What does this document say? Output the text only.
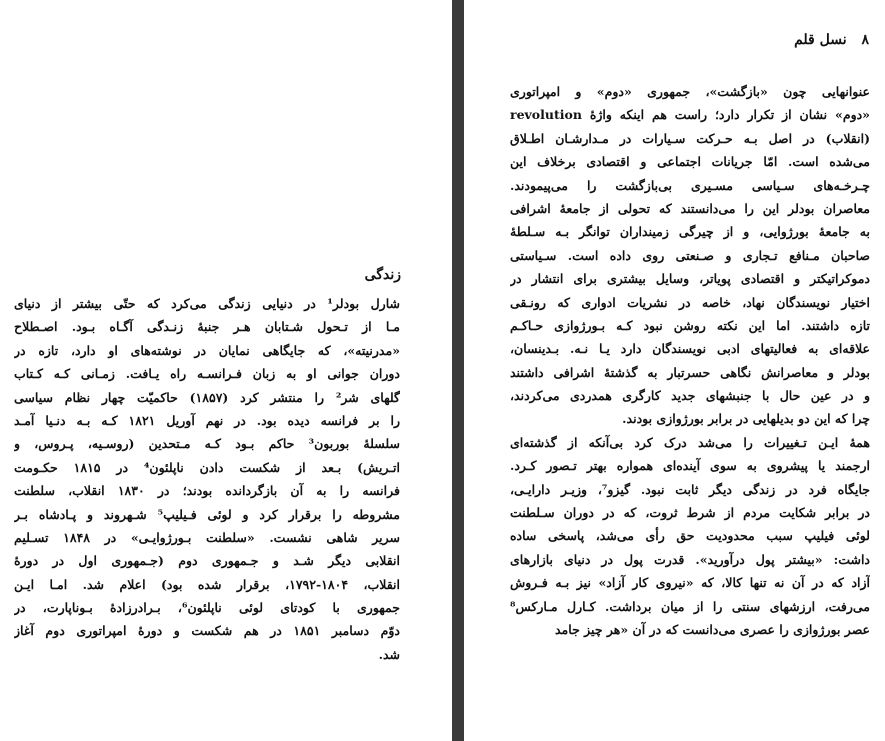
زندگی
شارل بودلر¹ در دنیایی زندگی می‌کرد که حتّی بیشتر از دنیای
مـا از تـحول شـتابان هـر جنبهٔ زنـدگی آگـاه بـود. اصـطلاح
«مدرنیته»، که جایگاهی نمایان در نوشته‌های او دارد، تازه در
دوران جوانی او به زبان فـرانسـه راه یـافت. زمـانی کـه کـتاب
گلهای شر² را منتشر کرد (۱۸۵۷) حاکمیّت چهار نظام سیاسی
را بر فرانسه دیده بود. در نهم آوریل ۱۸۲۱ کـه بـه دنـیا آمـد
سلسلهٔ بوربون³ حاکم بـود کـه مـتحدین (روسـیه، پـروس، و
اتـریش) بـعد از شکست دادن ناپلئون⁴ در ۱۸۱۵ حکـومت
فرانسه را به آن بازگردانده بودند؛ در ۱۸۳۰ انقلاب، سلطنت
مشروطه را برقرار کرد و لوئی فـیلیپ⁵ شـهروند و پـادشاه بـر
سریر شاهی نشست. «سلطنت بـورژوایـی» در ۱۸۴۸ تسـلیم
انقلابی دیگر شـد و جـمهوری دوم (جـمهوری اول در دورهٔ
انقلاب، ۱۸۰۴-۱۷۹۲، برقرار شده بود) اعلام شد. امـا ایـن
جمهوری با کودتای لوئی ناپلئون⁶، بـرادرزادهٔ بـوناپارت، در
دوّم دسامبر ۱۸۵۱ در هم شکست و دورهٔ امپراتوری دوم آغاز
شد.
۸ نسل قلم
عنوانهایی چون «بازگشت»، جمهوری «دوم» و امپراتوری
«دوم» نشان از تکرار دارد؛ راست هم اینکه واژهٔ revolution
(انقلاب) در اصل بـه حـرکت سـیارات در مـدارشـان اطـلاق
می‌شده است. امّا جریانات اجتماعی و اقتصادی برخلاف این
چـرخـه‌های سـیاسی مسـیری بی‌بازگشت را می‌پیمودند.
معاصران بودلر این را می‌دانستند که تحولی از جامعهٔ اشرافی
به جامعهٔ بورژوایی، و از چیرگی زمینداران توانگر بـه سـلطهٔ
صاحبان مـنافع تـجاری و صـنعتی روی داده است. سـیاستی
دموکراتیکتر و اقتصادی پویاتر، وسایل بیشتری برای انتشار در
اختیار نویسندگان نهاد، خاصه در نشریات ادواری که رونـقی
تازه داشتند. اما این نکته روشن نبود کـه بـورژوازی حـاکـم
علاقه‌ای به فعالیتهای ادبی نویسندگان دارد یـا نـه. بـدینسان،
بودلر و معاصرانش نگاهی حسرتبار به گذشتهٔ اشرافی داشتند
و در عین حال با جنبشهای جدید کارگری همدردی می‌کردند،
چرا که این دو بدیلهایی در برابر بورژوازی بودند.
همهٔ ایـن تـغییرات را می‌شد درک کرد بی‌آنکه از گذشته‌ای
ارجمند یا پیشروی به سوی آینده‌ای همواره بهتر تـصور کـرد.
جایگاه فرد در زندگی دیگر ثابت نبود. گیزو⁷، وزیـر دارایـی،
در برابر شکایت مردم از شرط ثروت، که در دوران سـلطنت
لوئی فیلیپ سبب محدودیت حق رأی می‌شد، پاسخی ساده
داشت: «بیشتر پول درآورید». قدرت پول در دنیای بازارهای
آزاد که در آن نه تنها کالا، که «نیروی کار آزاد» نیز بـه فـروش
می‌رفت، ارزشهای سنتی را از میان برداشت. کـارل مـارکس⁸
عصر بورژوازی را عصری می‌دانست که در آن «هر چیز جامد
